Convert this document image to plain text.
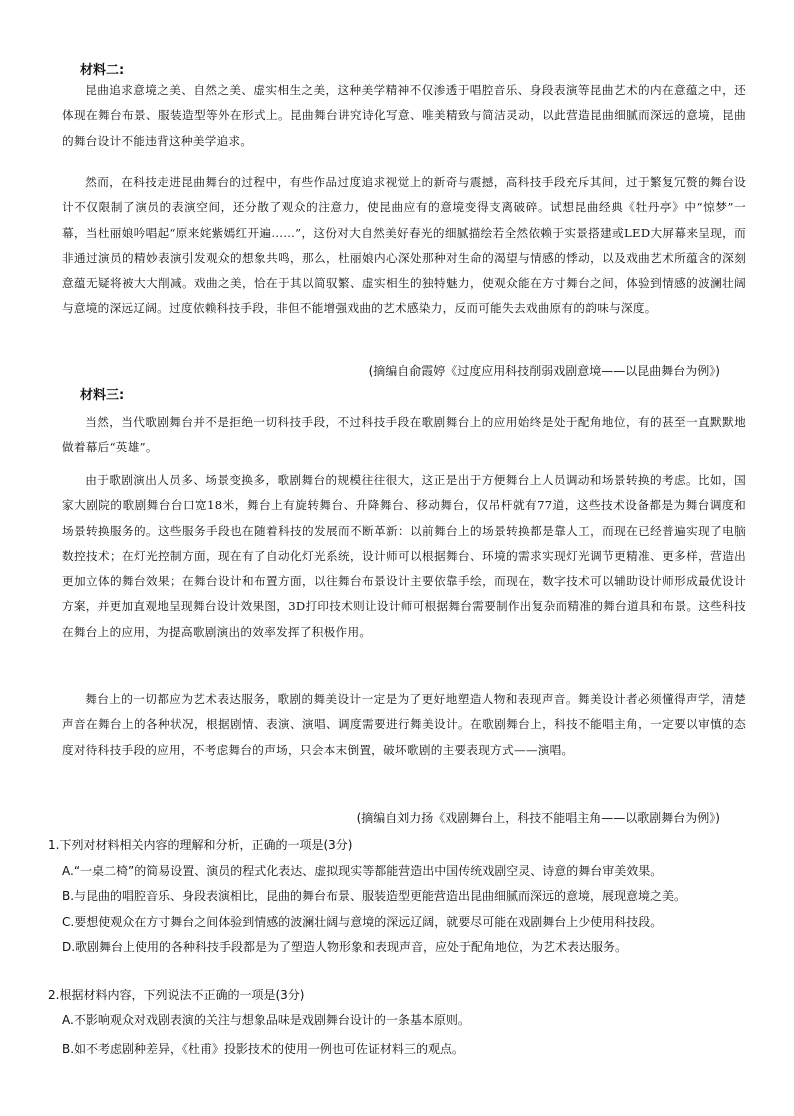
材料二:

昆曲追求意境之美、自然之美、虚实相生之美，这种美学精神不仅渗透于唱腔音乐、身段表演等昆曲艺术的内在意蕴之中，还体现在舞台布景、服装造型等外在形式上。昆曲舞台讲究诗化写意、唯美精致与简洁灵动，以此营造昆曲细腻而深远的意境，昆曲的舞台设计不能违背这种美学追求。

然而，在科技走进昆曲舞台的过程中，有些作品过度追求视觉上的新奇与震撼，高科技手段充斥其间，过于繁复冗赘的舞台设计不仅限制了演员的表演空间，还分散了观众的注意力，使昆曲应有的意境变得支离破碎。试想昆曲经典《牡丹亭》中“惊梦”一幕，当杜丽娘吟唱起“原来姹紫嫣红开遍……”，这份对大自然美好春光的细腻描绘若全然依赖于实景搭建或LED大屏幕来呈现，而非通过演员的精妙表演引发观众的想象共鸣，那么，杜丽娘内心深处那种对生命的渴望与情感的悸动，以及戏曲艺术所蕴含的深刻意蕴无疑将被大大削减。戏曲之美，恰在于其以简驭繁、虚实相生的独特魅力，使观众能在方寸舞台之间，体验到情感的波澜壮阔与意境的深远辽阔。过度依赖科技手段，非但不能增强戏曲的艺术感染力，反而可能失去戏曲原有的韵味与深度。

(摘编自俞霞婷《过度应用科技削弱戏剧意境——以昆曲舞台为例》)
材料三:

当然，当代歌剧舞台并不是拒绝一切科技手段，不过科技手段在歌剧舞台上的应用始终是处于配角地位，有的甚至一直默默地做着幕后“英雄”。

由于歌剧演出人员多、场景变换多，歌剧舞台的规模往往很大，这正是出于方便舞台上人员调动和场景转换的考虑。比如，国家大剧院的歌剧舞台台口宽18米，舞台上有旋转舞台、升降舞台、移动舞台，仅吊杆就有77道，这些技术设备都是为舞台调度和场景转换服务的。这些服务手段也在随着科技的发展而不断革新：以前舞台上的场景转换都是靠人工，而现在已经普遍实现了电脑数控技术；在灯光控制方面，现在有了自动化灯光系统，设计师可以根据舞台、环境的需求实现灯光调节更精准、更多样，营造出更加立体的舞台效果；在舞台设计和布置方面，以往舞台布景设计主要依靠手绘，而现在，数字技术可以辅助设计师形成最优设计方案，并更加直观地呈现舞台设计效果图，3D打印技术则让设计师可根据舞台需要制作出复杂而精准的舞台道具和布景。这些科技在舞台上的应用，为提高歌剧演出的效率发挥了积极作用。

舞台上的一切都应为艺术表达服务，歌剧的舞美设计一定是为了更好地塑造人物和表现声音。舞美设计者必须懂得声学，清楚声音在舞台上的各种状况，根据剧情、表演、演唱、调度需要进行舞美设计。在歌剧舞台上，科技不能唱主角，一定要以审慎的态度对待科技手段的应用，不考虑舞台的声场，只会本末倒置，破坏歌剧的主要表现方式——演唱。

(摘编自刘力扬《戏剧舞台上，科技不能唱主角——以歌剧舞台为例》)
1.下列对材料相关内容的理解和分析，正确的一项是(3分)
A.“一桌二椅”的简易设置、演员的程式化表达、虚拟现实等都能营造出中国传统戏剧空灵、诗意的舞台审美效果。
B.与昆曲的唱腔音乐、身段表演相比，昆曲的舞台布景、服装造型更能营造出昆曲细腻而深远的意境，展现意境之美。
C.要想使观众在方寸舞台之间体验到情感的波澜壮阔与意境的深远辽阔，就要尽可能在戏剧舞台上少使用科技段。
D.歌剧舞台上使用的各种科技手段都是为了塑造人物形象和表现声音，应处于配角地位，为艺术表达服务。
2.根据材料内容，下列说法不正确的一项是(3分)
A.不影响观众对戏剧表演的关注与想象品味是戏剧舞台设计的一条基本原则。
B.如不考虑剧种差异，《杜甫》投影技术的使用一例也可佐证材料三的观点。
